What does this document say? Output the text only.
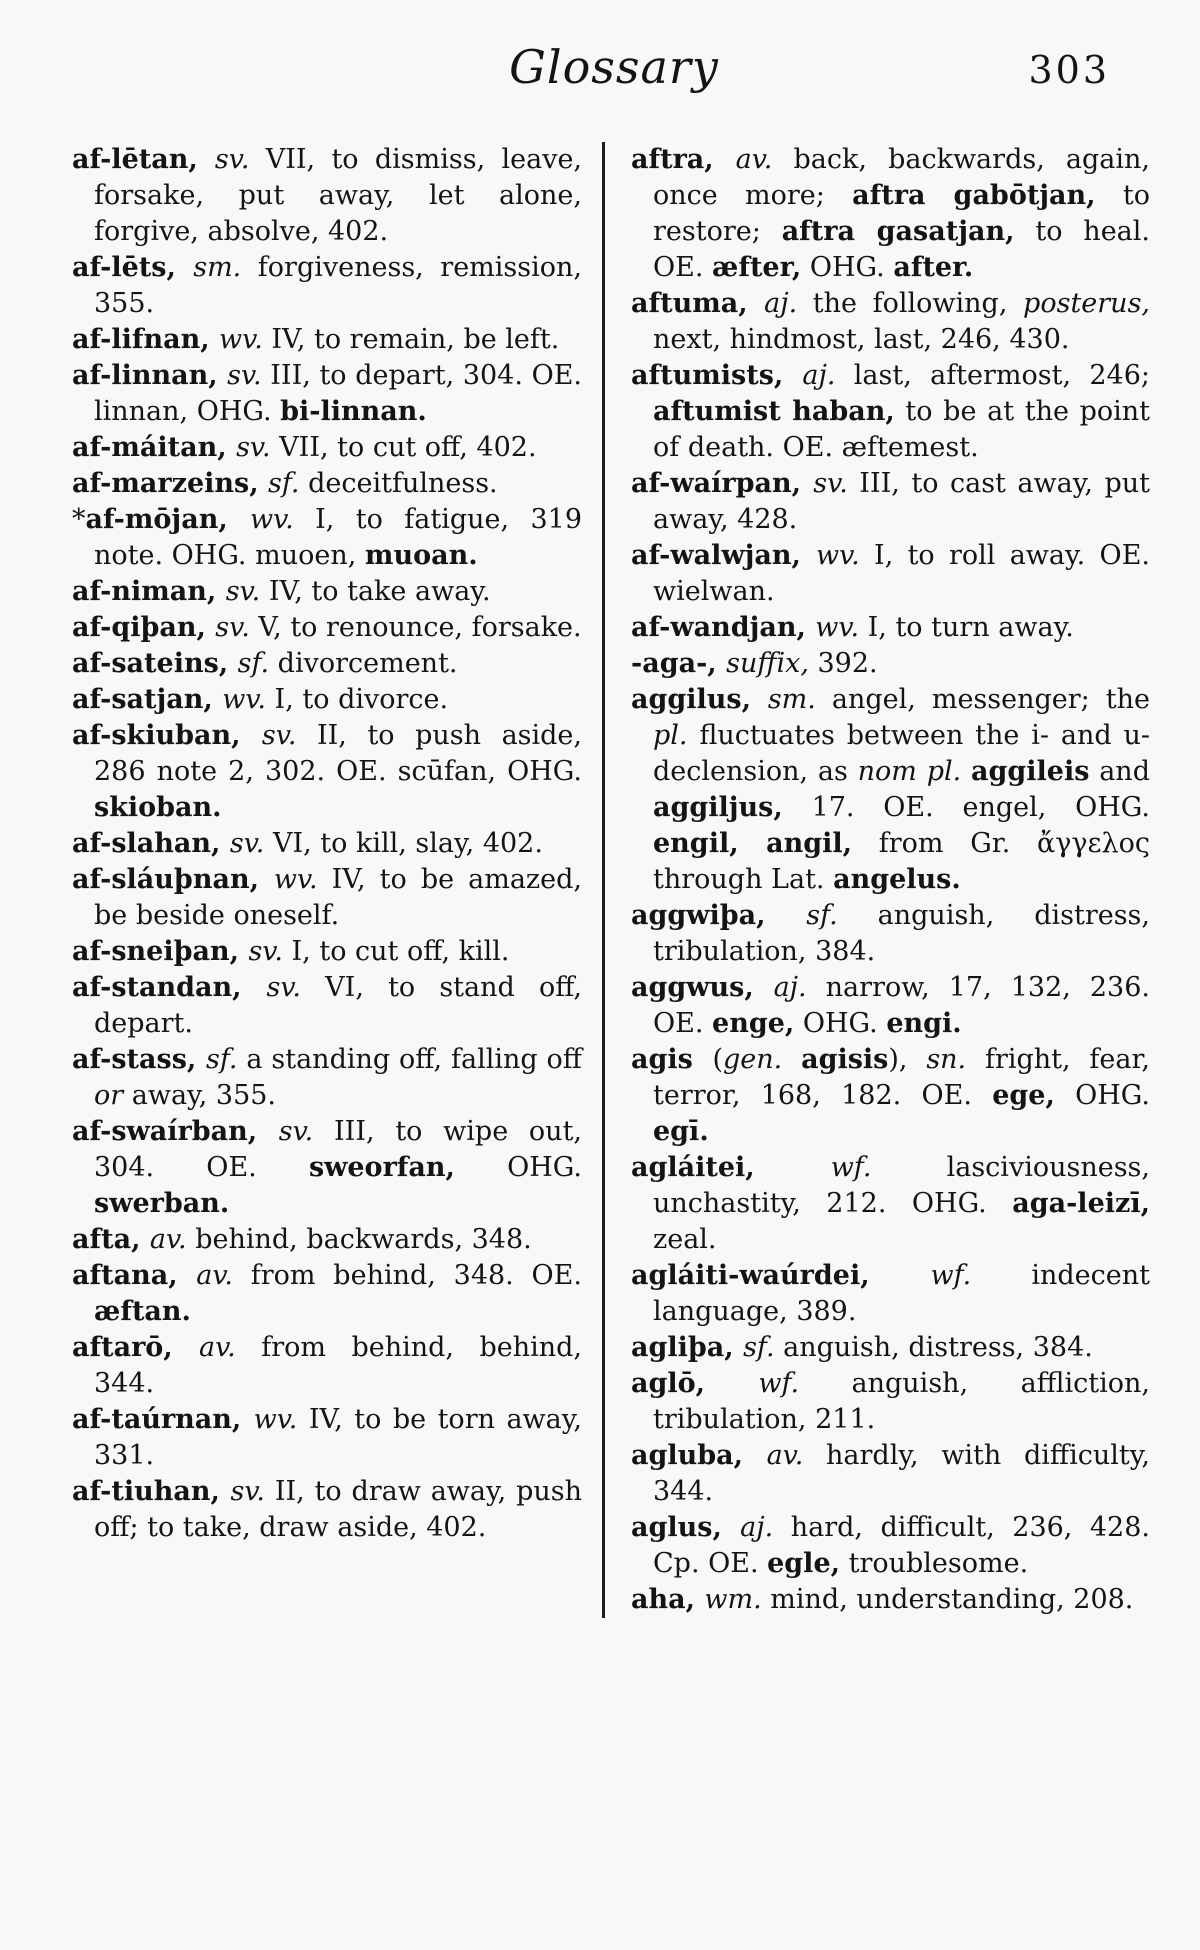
Glossary	303

af-lētan, sv. VII, to dismiss, leave, forsake, put away, let alone, forgive, absolve, 402.

af-lēts, sm. forgiveness, remission, 355.

af-lifnan, wv. IV, to remain, be left.

af-linnan, sv. III, to depart, 304. OE. linnan, OHG. bi-linnan.

af-máitan, sv. VII, to cut off, 402.

af-marzeins, sf. deceitfulness.

*af-mōjan, wv. I, to fatigue, 319 note. OHG. muoen, muoan.

af-niman, sv. IV, to take away.

af-qiþan, sv. V, to renounce, forsake.

af-sateins, sf. divorcement.

af-satjan, wv. I, to divorce.

af-skiuban, sv. II, to push aside, 286 note 2, 302. OE. scūfan, OHG. skioban.

af-slahan, sv. VI, to kill, slay, 402.

af-sláuþnan, wv. IV, to be amazed, be beside oneself.

af-sneiþan, sv. I, to cut off, kill.

af-standan, sv. VI, to stand off, depart.

af-stass, sf. a standing off, falling off or away, 355.

af-swaírban, sv. III, to wipe out, 304. OE. sweorfan, OHG. swerban.

afta, av. behind, backwards, 348.

aftana, av. from behind, 348. OE. æftan.

aftarō, av. from behind, behind, 344.

af-taúrnan, wv. IV, to be torn away, 331.

af-tiuhan, sv. II, to draw away, push off; to take, draw aside, 402.

aftra, av. back, backwards, again, once more; aftra gabōtjan, to restore; aftra gasatjan, to heal. OE. æfter, OHG. after.

aftuma, aj. the following, posterus, next, hindmost, last, 246, 430.

aftumists, aj. last, aftermost, 246; aftumist haban, to be at the point of death. OE. æftemest.

af-waírpan, sv. III, to cast away, put away, 428.

af-walwjan, wv. I, to roll away. OE. wielwan.

af-wandjan, wv. I, to turn away.

-aga-, suffix, 392.

aggilus, sm. angel, messenger; the pl. fluctuates between the i- and u-declension, as nom pl. aggileis and aggiljus, 17. OE. engel, OHG. engil, angil, from Gr. ἄγγελος through Lat. angelus.

aggwiþa, sf. anguish, distress, tribulation, 384.

aggwus, aj. narrow, 17, 132, 236. OE. enge, OHG. engi.

agis (gen. agisis), sn. fright, fear, terror, 168, 182. OE. ege, OHG. egī.

agláitei, wf. lasciviousness, unchastity, 212. OHG. aga-leizī, zeal.

agláiti-waúrdei, wf. indecent language, 389.

agliþa, sf. anguish, distress, 384.

aglō, wf. anguish, affliction, tribulation, 211.

agluba, av. hardly, with difficulty, 344.

aglus, aj. hard, difficult, 236, 428. Cp. OE. egle, troublesome.

aha, wm. mind, understanding, 208.
